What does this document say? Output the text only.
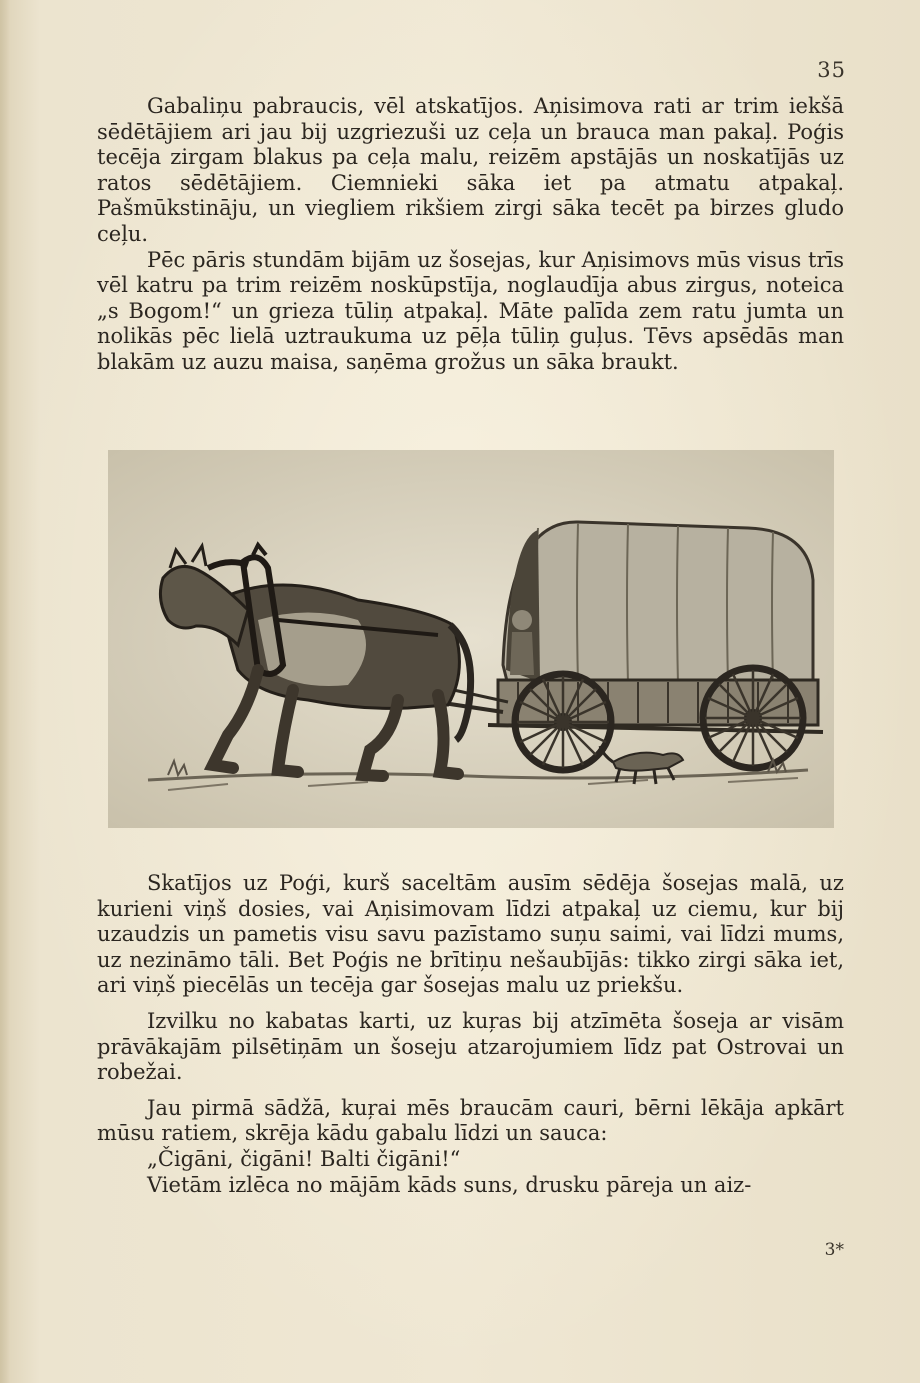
35

Gabaliņu pabraucis, vēl atskatījos. Aņisimova rati ar trim iekšā sēdētājiem ari jau bij uzgriezuši uz ceļa un brauca man pakaļ. Poģis tecēja zirgam blakus pa ceļa malu, reizēm apstājās un noskatījās uz ratos sēdētājiem. Ciemnieki sāka iet pa atmatu atpakaļ. Pašmūkstināju, un viegliem rikšiem zirgi sāka tecēt pa birzes gludo ceļu.

Pēc pāris stundām bijām uz šosejas, kur Aņisimovs mūs visus trīs vēl katru pa trim reizēm noskūpstīja, noglaudīja abus zirgus, noteica „s Bogom!“ un grieza tūliņ atpakaļ. Māte palīda zem ratu jumta un nolikās pēc lielā uztraukuma uz pēļa tūliņ guļus. Tēvs apsēdās man blakām uz auzu maisa, saņēma grožus un sāka braukt.

Skatījos uz Poģi, kurš saceltām ausīm sēdēja šosejas malā, uz kurieni viņš dosies, vai Aņisimovam līdzi atpakaļ uz ciemu, kur bij uzaudzis un pametis visu savu pazīstamo suņu saimi, vai līdzi mums, uz nezināmo tāli. Bet Poģis ne brītiņu nešaubījās: tikko zirgi sāka iet, ari viņš piecēlās un tecēja gar šosejas malu uz priekšu.

Izvilku no kabatas karti, uz kuŗas bij atzīmēta šoseja ar visām prāvākajām pilsētiņām un šoseju atzarojumiem līdz pat Ostrovai un robežai.

Jau pirmā sādžā, kuŗai mēs braucām cauri, bērni lēkāja apkārt mūsu ratiem, skrēja kādu gabalu līdzi un sauca:

„Čigāni, čigāni! Balti čigāni!“

Vietām izlēca no mājām kāds suns, drusku pāreja un aiz-

3*
